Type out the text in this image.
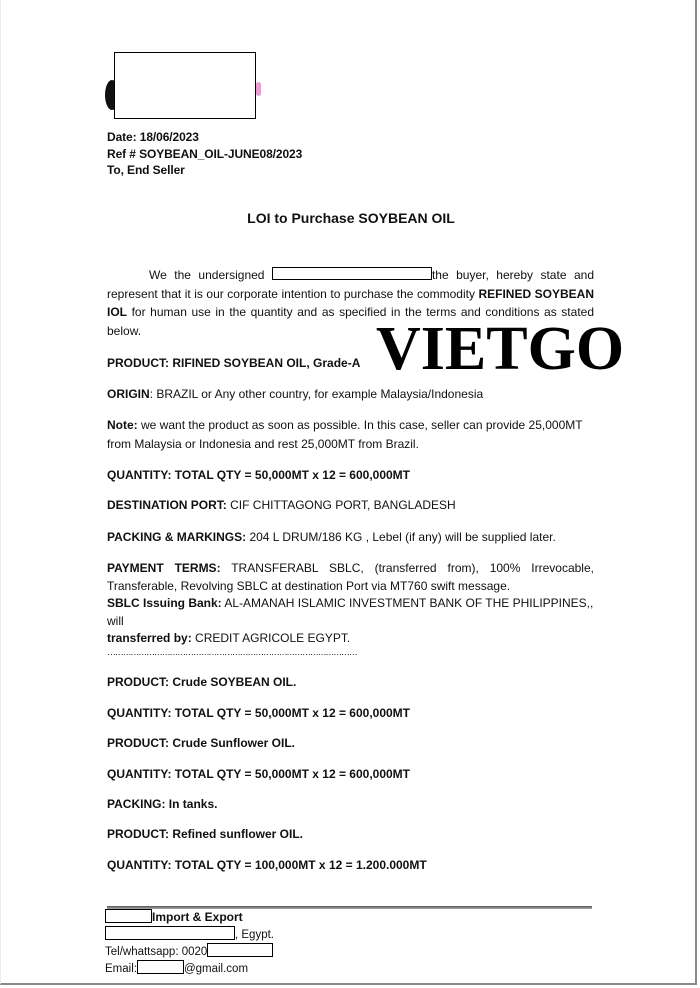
Date: 18/06/2023
Ref # SOYBEAN_OIL-JUNE08/2023
To, End Seller
LOI to Purchase SOYBEAN OIL

We the undersigned	the buyer, hereby state and represent that it is our corporate intention to purchase the commodity REFINED SOYBEAN IOL for human use in the quantity and as specified in the terms and conditions as stated below.	VIETGO
PRODUCT: RIFINED SOYBEAN OIL, Grade-A
ORIGIN: BRAZIL or Any other country, for example Malaysia/Indonesia
Note: we want the product as soon as possible. In this case, seller can provide 25,000MT from Malaysia or Indonesia and rest 25,000MT from Brazil.
QUANTITY: TOTAL QTY = 50,000MT x 12 = 600,000MT
DESTINATION PORT: CIF CHITTAGONG PORT, BANGLADESH
PACKING & MARKINGS: 204 L DRUM/186 KG , Lebel (if any) will be supplied later.

PAYMENT TERMS: TRANSFERABL SBLC, (transferred from), 100% Irrevocable, Transferable, Revolving SBLC at destination Port via MT760 swift message.

SBLC Issuing Bank: AL-AMANAH ISLAMIC INVESTMENT BANK OF THE PHILIPPINES,, will

transferred by: CREDIT AGRICOLE EGYPT.

……………………………………………………………………………………
PRODUCT: Crude SOYBEAN OIL.
QUANTITY: TOTAL QTY = 50,000MT x 12 = 600,000MT
PRODUCT: Crude Sunflower OIL.
QUANTITY: TOTAL QTY = 50,000MT x 12 = 600,000MT
PACKING: In tanks.
PRODUCT: Refined sunflower OIL.
QUANTITY: TOTAL QTY = 100,000MT x 12 = 1.200.000MT
Import & Export
, Egypt.
Tel/whattsapp: 0020
Email:	@gmail.com
